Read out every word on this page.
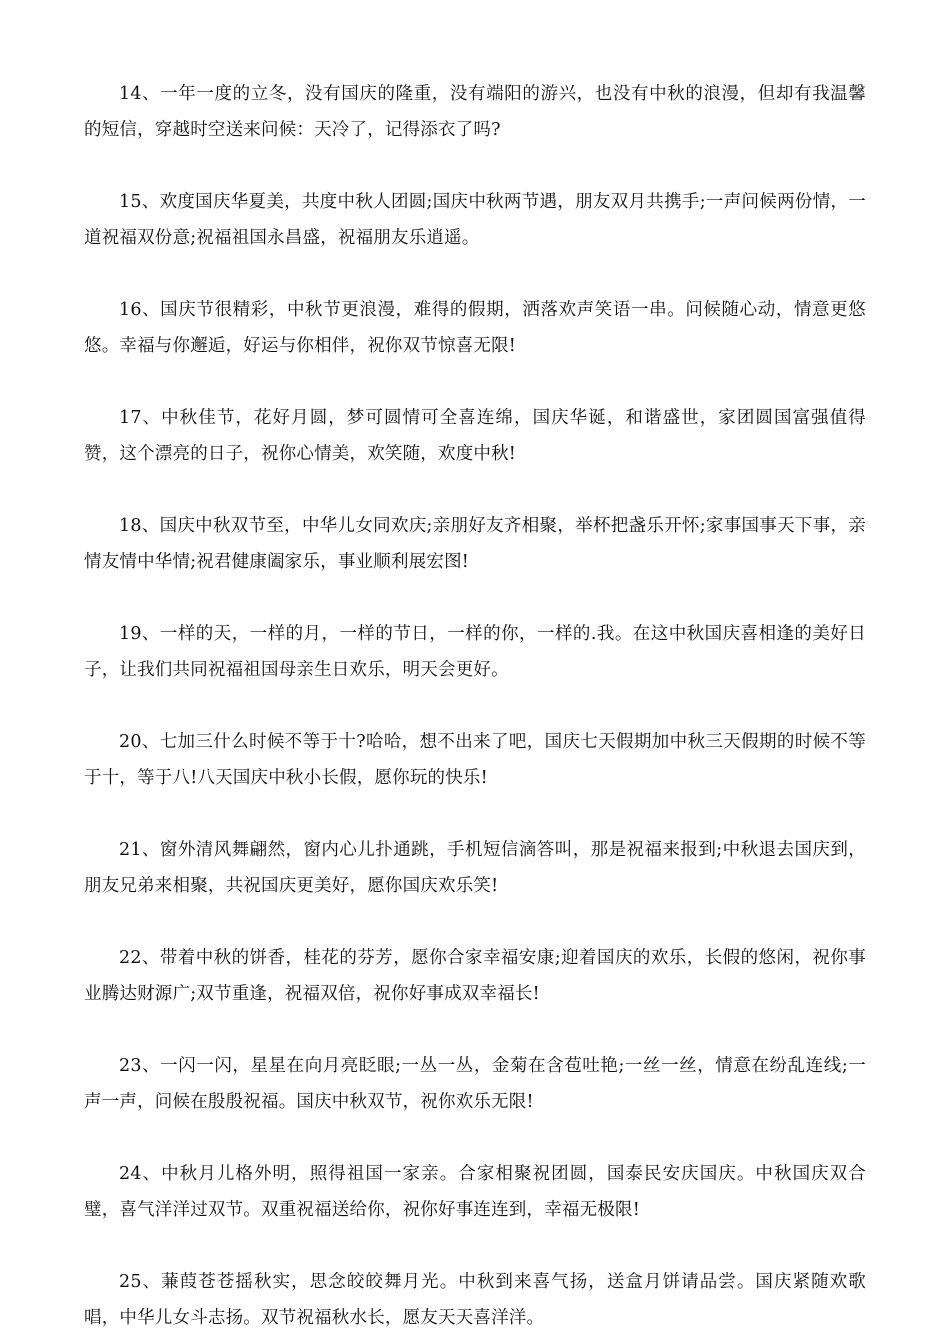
14、一年一度的立冬，没有国庆的隆重，没有端阳的游兴，也没有中秋的浪漫，但却有我温馨的短信，穿越时空送来问候：天冷了，记得添衣了吗?

15、欢度国庆华夏美，共度中秋人团圆;国庆中秋两节遇，朋友双月共携手;一声问候两份情，一道祝福双份意;祝福祖国永昌盛，祝福朋友乐逍遥。

16、国庆节很精彩，中秋节更浪漫，难得的假期，洒落欢声笑语一串。问候随心动，情意更悠悠。幸福与你邂逅，好运与你相伴，祝你双节惊喜无限!

17、中秋佳节，花好月圆，梦可圆情可全喜连绵，国庆华诞，和谐盛世，家团圆国富强值得赞，这个漂亮的日子，祝你心情美，欢笑随，欢度中秋!

18、国庆中秋双节至，中华儿女同欢庆;亲朋好友齐相聚，举杯把盏乐开怀;家事国事天下事，亲情友情中华情;祝君健康阖家乐，事业顺利展宏图!

19、一样的天，一样的月，一样的节日，一样的你，一样的.我。在这中秋国庆喜相逢的美好日子，让我们共同祝福祖国母亲生日欢乐，明天会更好。

20、七加三什么时候不等于十?哈哈，想不出来了吧，国庆七天假期加中秋三天假期的时候不等于十，等于八!八天国庆中秋小长假，愿你玩的快乐!

21、窗外清风舞翩然，窗内心儿扑通跳，手机短信滴答叫，那是祝福来报到;中秋退去国庆到，朋友兄弟来相聚，共祝国庆更美好，愿你国庆欢乐笑!

22、带着中秋的饼香，桂花的芬芳，愿你合家幸福安康;迎着国庆的欢乐，长假的悠闲，祝你事业腾达财源广;双节重逢，祝福双倍，祝你好事成双幸福长!

23、一闪一闪，星星在向月亮眨眼;一丛一丛，金菊在含苞吐艳;一丝一丝，情意在纷乱连线;一声一声，问候在殷殷祝福。国庆中秋双节，祝你欢乐无限!

24、中秋月儿格外明，照得祖国一家亲。合家相聚祝团圆，国泰民安庆国庆。中秋国庆双合璧，喜气洋洋过双节。双重祝福送给你，祝你好事连连到，幸福无极限!

25、蒹葭苍苍摇秋实，思念皎皎舞月光。中秋到来喜气扬，送盒月饼请品尝。国庆紧随欢歌唱，中华儿女斗志扬。双节祝福秋水长，愿友天天喜洋洋。
